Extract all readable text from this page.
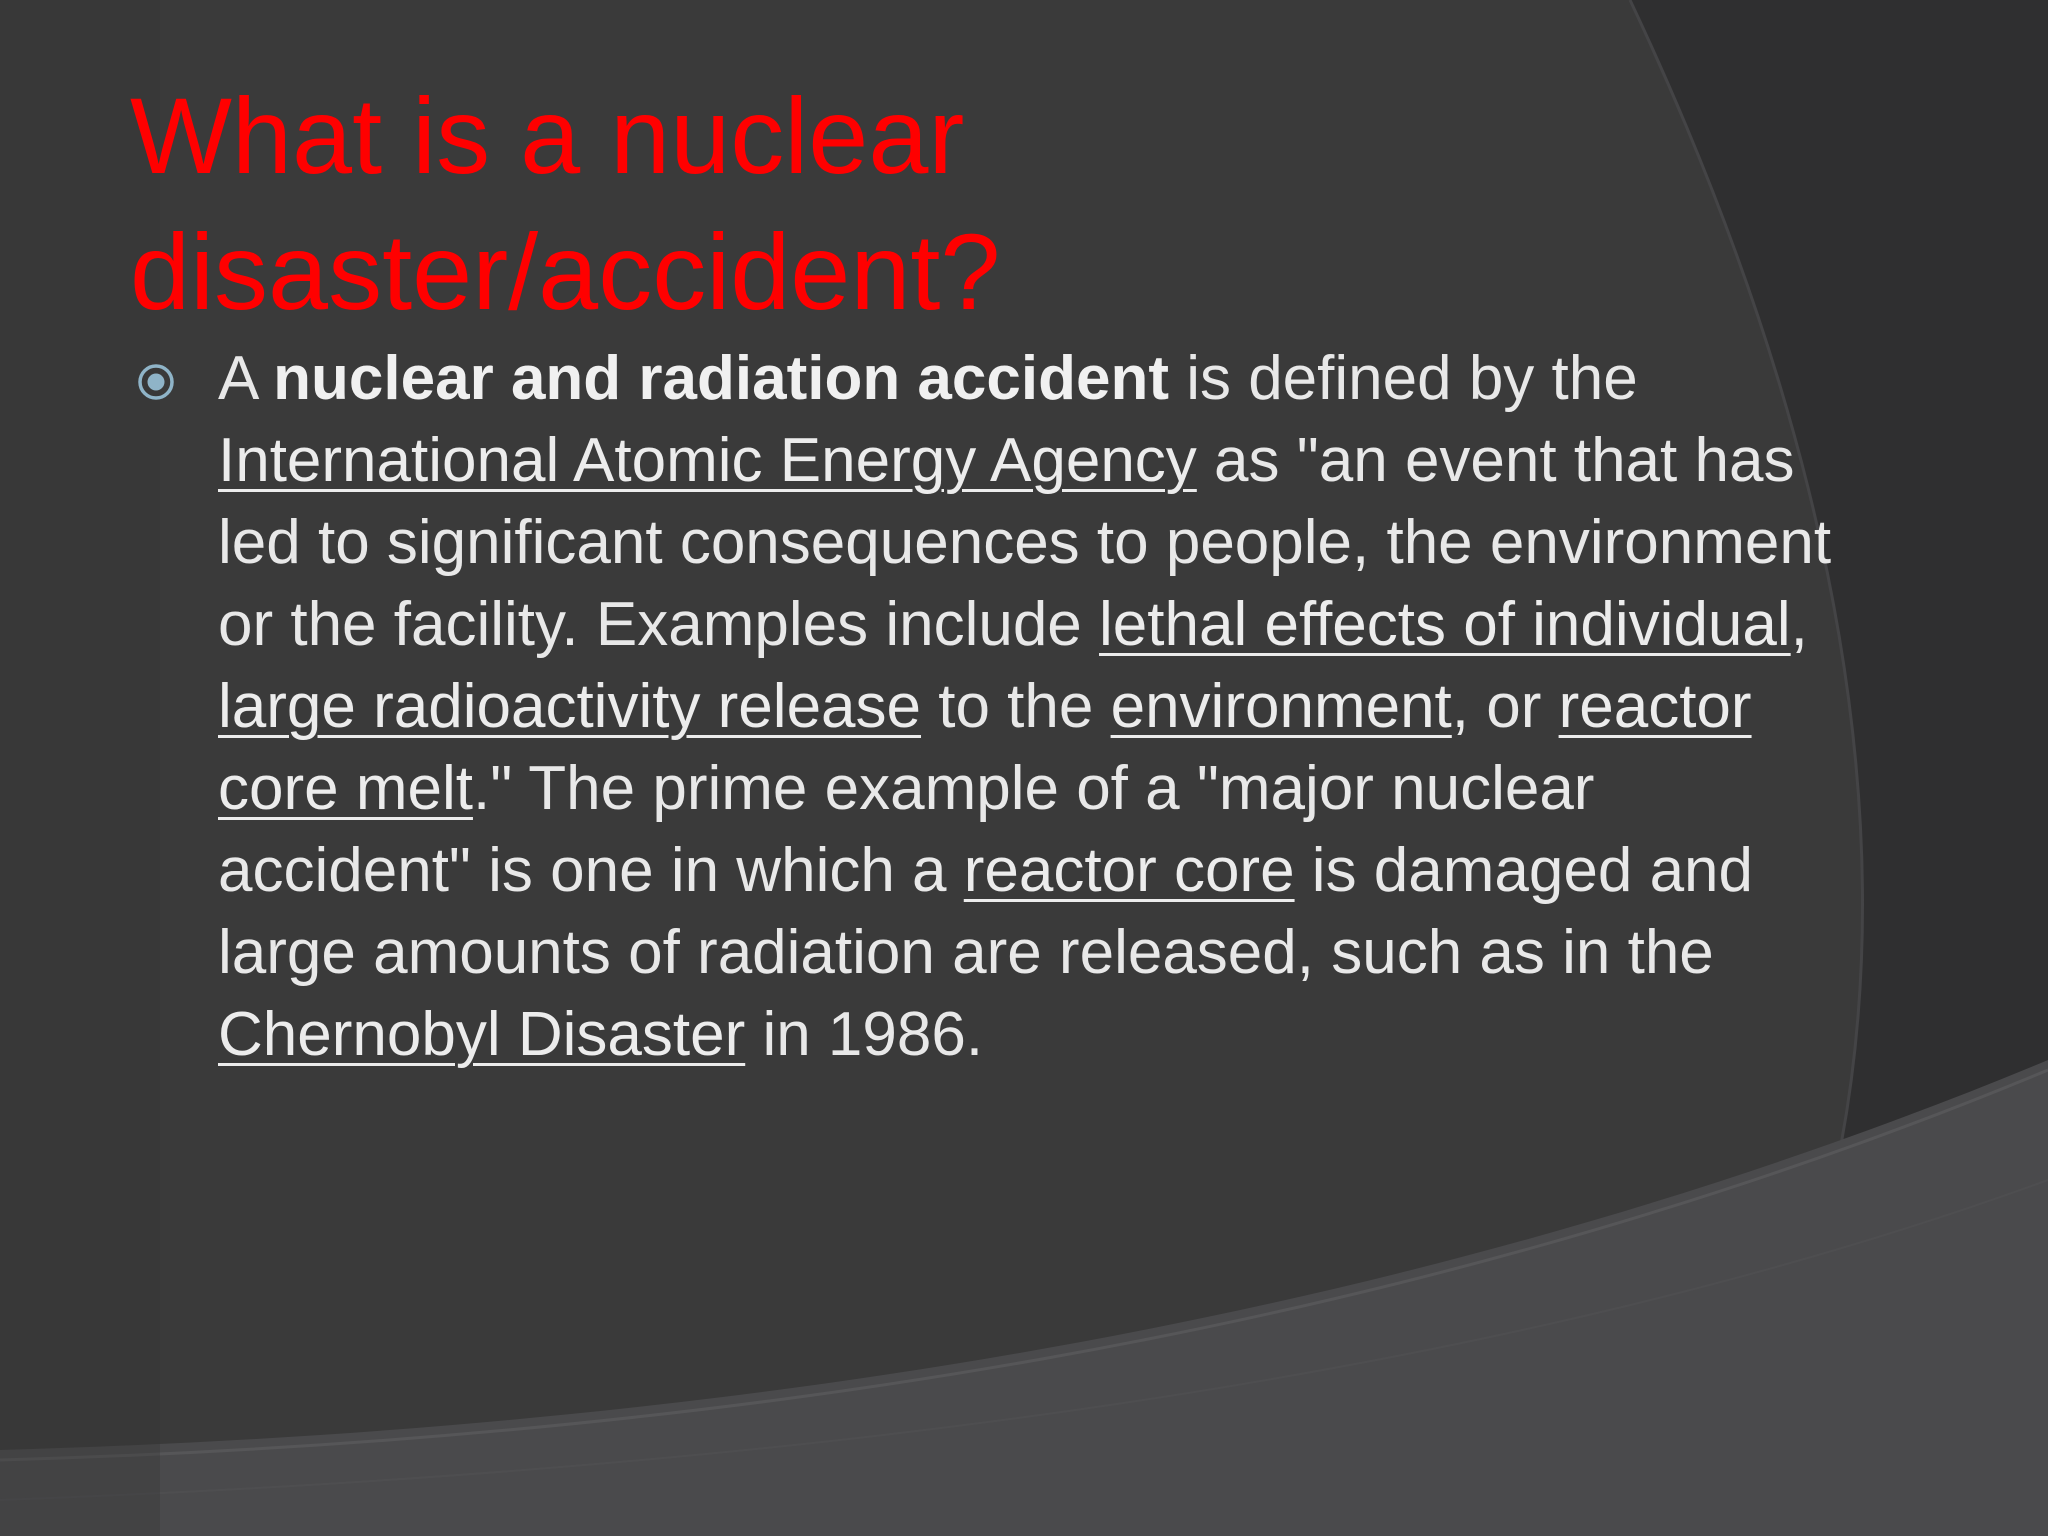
What is a nuclear
disaster/accident?

A nuclear and radiation accident is defined by the International Atomic Energy Agency as "an event that has led to significant consequences to people, the environment or the facility. Examples include lethal effects of individual, large radioactivity release to the environment, or reactor core melt." The prime example of a "major nuclear accident" is one in which a reactor core is damaged and large amounts of radiation are released, such as in the Chernobyl Disaster in 1986.
